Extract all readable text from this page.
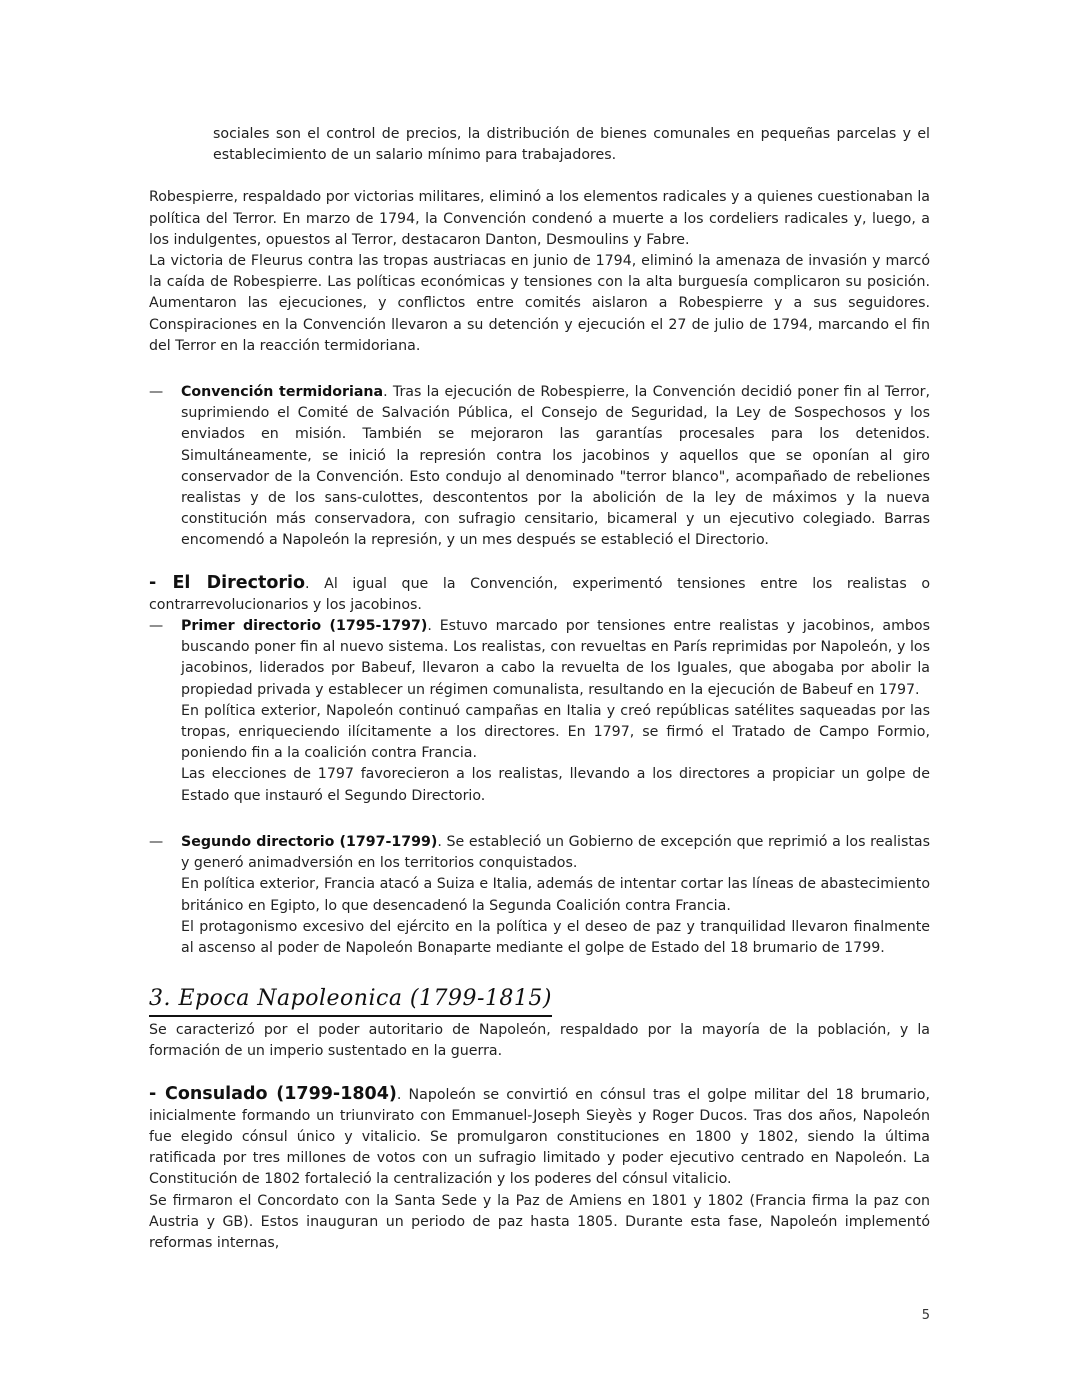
sociales son el control de precios, la distribución de bienes comunales en pequeñas parcelas y el establecimiento de un salario mínimo para trabajadores.

Robespierre, respaldado por victorias militares, eliminó a los elementos radicales y a quienes cuestionaban la política del Terror. En marzo de 1794, la Convención condenó a muerte a los cordeliers radicales y, luego, a los indulgentes, opuestos al Terror, destacaron Danton, Desmoulins y Fabre.

La victoria de Fleurus contra las tropas austriacas en junio de 1794, eliminó la amenaza de invasión y marcó la caída de Robespierre. Las políticas económicas y tensiones con la alta burguesía complicaron su posición. Aumentaron las ejecuciones, y conflictos entre comités aislaron a Robespierre y a sus seguidores. Conspiraciones en la Convención llevaron a su detención y ejecución el 27 de julio de 1794, marcando el fin del Terror en la reacción termidoriana.

— Convención termidoriana. Tras la ejecución de Robespierre, la Convención decidió poner fin al Terror, suprimiendo el Comité de Salvación Pública, el Consejo de Seguridad, la Ley de Sospechosos y los enviados en misión. También se mejoraron las garantías procesales para los detenidos. Simultáneamente, se inició la represión contra los jacobinos y aquellos que se oponían al giro conservador de la Convención. Esto condujo al denominado "terror blanco", acompañado de rebeliones realistas y de los sans-culottes, descontentos por la abolición de la ley de máximos y la nueva constitución más conservadora, con sufragio censitario, bicameral y un ejecutivo colegiado. Barras encomendó a Napoleón la represión, y un mes después se estableció el Directorio.

- El Directorio. Al igual que la Convención, experimentó tensiones entre los realistas o contrarrevolucionarios y los jacobinos.

— Primer directorio (1795-1797). Estuvo marcado por tensiones entre realistas y jacobinos, ambos buscando poner fin al nuevo sistema. Los realistas, con revueltas en París reprimidas por Napoleón, y los jacobinos, liderados por Babeuf, llevaron a cabo la revuelta de los Iguales, que abogaba por abolir la propiedad privada y establecer un régimen comunalista, resultando en la ejecución de Babeuf en 1797.

En política exterior, Napoleón continuó campañas en Italia y creó repúblicas satélites saqueadas por las tropas, enriqueciendo ilícitamente a los directores. En 1797, se firmó el Tratado de Campo Formio, poniendo fin a la coalición contra Francia.

Las elecciones de 1797 favorecieron a los realistas, llevando a los directores a propiciar un golpe de Estado que instauró el Segundo Directorio.

— Segundo directorio (1797-1799). Se estableció un Gobierno de excepción que reprimió a los realistas y generó animadversión en los territorios conquistados.

En política exterior, Francia atacó a Suiza e Italia, además de intentar cortar las líneas de abastecimiento británico en Egipto, lo que desencadenó la Segunda Coalición contra Francia.

El protagonismo excesivo del ejército en la política y el deseo de paz y tranquilidad llevaron finalmente al ascenso al poder de Napoleón Bonaparte mediante el golpe de Estado del 18 brumario de 1799.

3. Epoca Napoleonica (1799-1815)

Se caracterizó por el poder autoritario de Napoleón, respaldado por la mayoría de la población, y la formación de un imperio sustentado en la guerra.

- Consulado (1799-1804). Napoleón se convirtió en cónsul tras el golpe militar del 18 brumario, inicialmente formando un triunvirato con Emmanuel-Joseph Sieyès y Roger Ducos. Tras dos años, Napoleón fue elegido cónsul único y vitalicio. Se promulgaron constituciones en 1800 y 1802, siendo la última ratificada por tres millones de votos con un sufragio limitado y poder ejecutivo centrado en Napoleón. La Constitución de 1802 fortaleció la centralización y los poderes del cónsul vitalicio.

Se firmaron el Concordato con la Santa Sede y la Paz de Amiens en 1801 y 1802 (Francia firma la paz con Austria y GB). Estos inauguran un periodo de paz hasta 1805. Durante esta fase, Napoleón implementó reformas internas,

5
